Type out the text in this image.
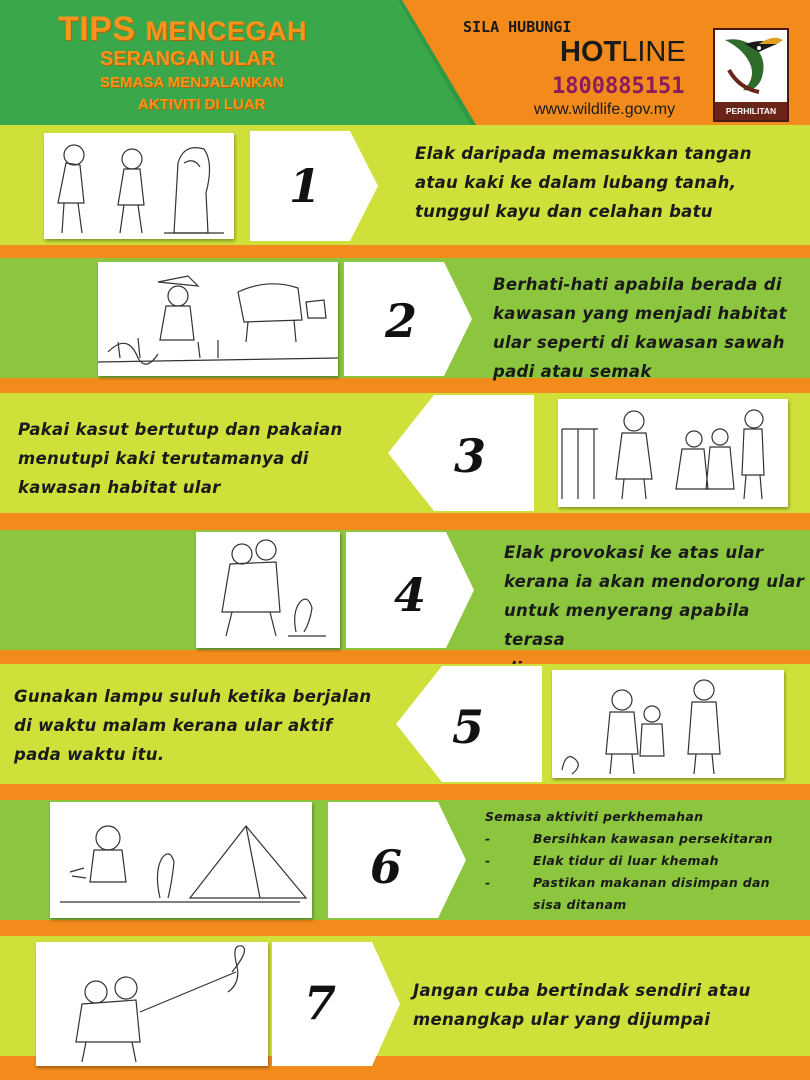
TIPS MENCEGAH
SERANGAN ULAR
SEMASA MENJALANKAN
AKTIVITI DI LUAR
SILA HUBUNGI
HOTLINE
1800885151
www.wildlife.gov.my	PERHILITAN
1
Elak daripada memasukkan tangan
atau kaki ke dalam lubang tanah,
tunggul kayu dan celahan batu
2
Berhati-hati apabila berada di
kawasan yang menjadi habitat
ular seperti di kawasan sawah
padi atau semak
Pakai kasut bertutup dan pakaian
menutupi kaki terutamanya di
kawasan habitat ular
3
4
Elak provokasi ke atas ular
kerana ia akan mendorong ular
untuk menyerang apabila terasa
Gunakan lampu suluh ketika berjalan
di waktu malam kerana ular aktif
pada waktu itu.
5
6
Semasa aktiviti perkhemahan
-	Bersihkan kawasan persekitaran
-	Elak tidur di luar khemah
-	Pastikan makanan disimpan dan
sisa ditanam
7	Jangan cuba bertindak sendiri atau
menangkap ular yang dijumpai
